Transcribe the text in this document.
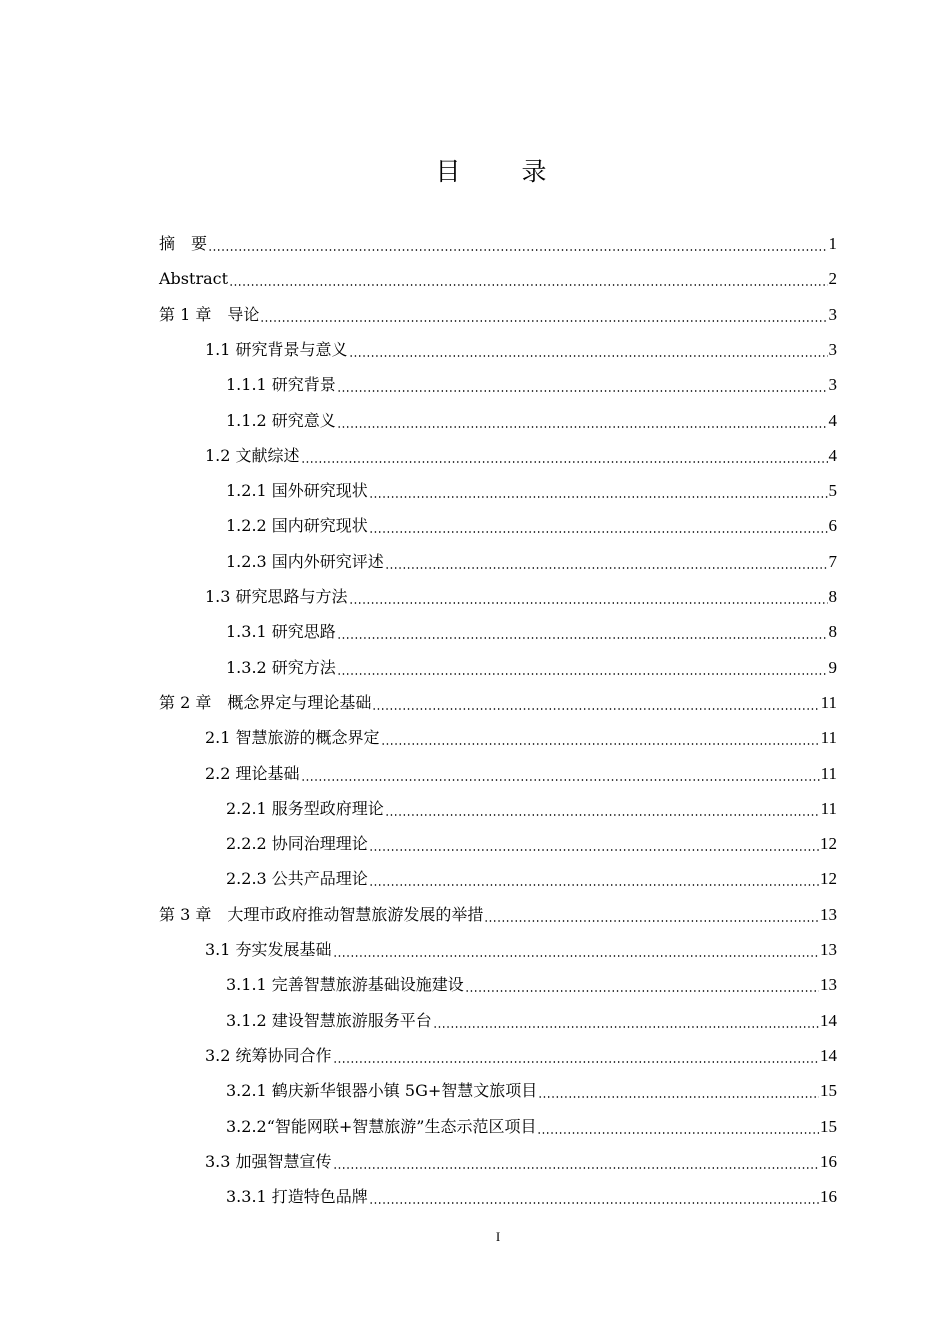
目　录
摘　要	1
Abstract	2
第 1 章　导论	3
1.1 研究背景与意义	3
1.1.1 研究背景	3
1.1.2 研究意义	4
1.2 文献综述	4
1.2.1 国外研究现状	5
1.2.2 国内研究现状	6
1.2.3 国内外研究评述	7
1.3 研究思路与方法	8
1.3.1 研究思路	8
1.3.2 研究方法	9
第 2 章　概念界定与理论基础	11
2.1 智慧旅游的概念界定	11
2.2 理论基础	11
2.2.1 服务型政府理论	11
2.2.2 协同治理理论	12
2.2.3 公共产品理论	12
第 3 章　大理市政府推动智慧旅游发展的举措	13
3.1 夯实发展基础	13
3.1.1 完善智慧旅游基础设施建设	13
3.1.2 建设智慧旅游服务平台	14
3.2 统筹协同合作	14
3.2.1 鹤庆新华银器小镇 5G+智慧文旅项目	15
3.2.2“智能网联+智慧旅游”生态示范区项目	15
3.3 加强智慧宣传	16
3.3.1 打造特色品牌	16
I
